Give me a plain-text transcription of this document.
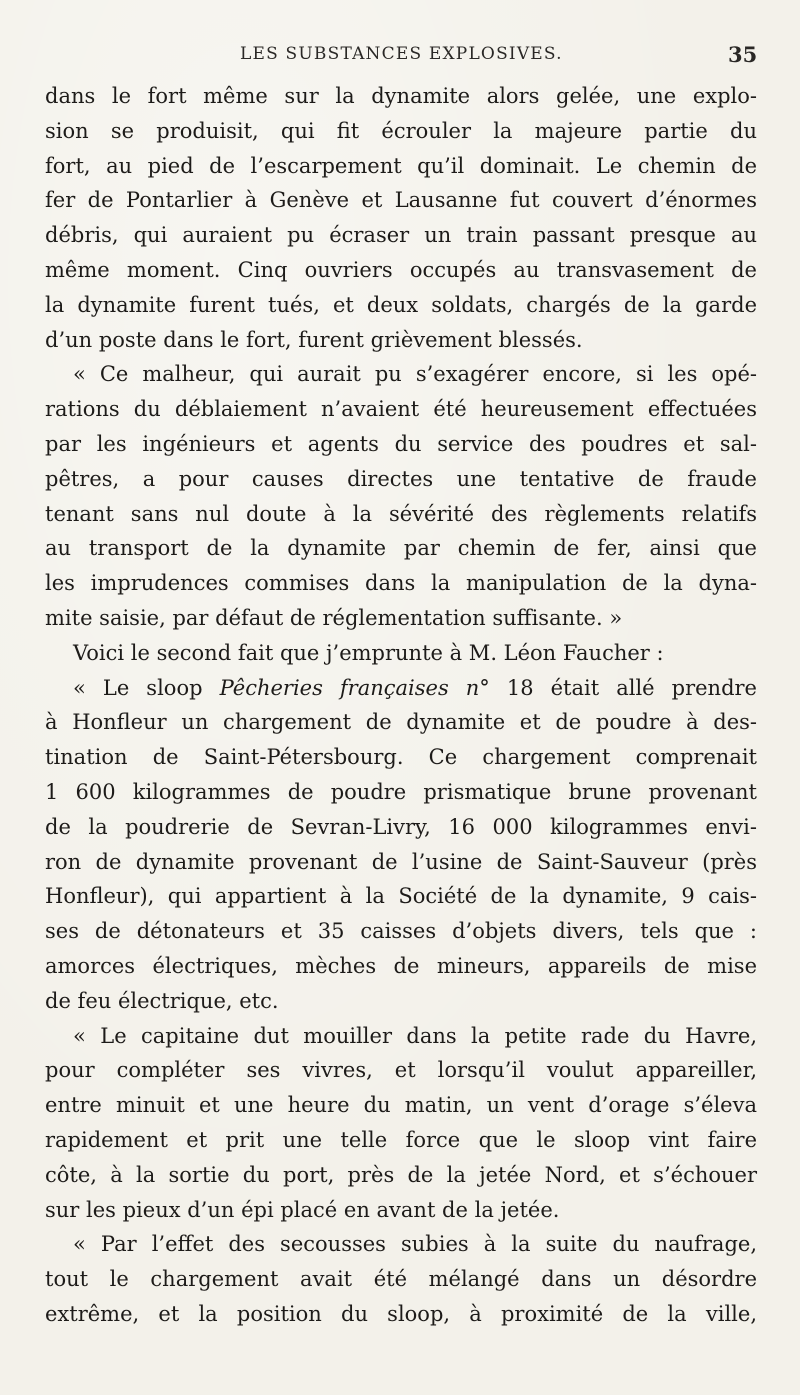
LES SUBSTANCES EXPLOSIVES.	35
dans le fort même sur la dynamite alors gelée, une explo-
sion se produisit, qui fit écrouler la majeure partie du
fort, au pied de l’escarpement qu’il dominait. Le chemin de
fer de Pontarlier à Genève et Lausanne fut couvert d’énormes
débris, qui auraient pu écraser un train passant presque au
même moment. Cinq ouvriers occupés au transvasement de
la dynamite furent tués, et deux soldats, chargés de la garde
d’un poste dans le fort, furent grièvement blessés.
« Ce malheur, qui aurait pu s’exagérer encore, si les opé-
rations du déblaiement n’avaient été heureusement effectuées
par les ingénieurs et agents du service des poudres et sal-
pêtres, a pour causes directes une tentative de fraude
tenant sans nul doute à la sévérité des règlements relatifs
au transport de la dynamite par chemin de fer, ainsi que
les imprudences commises dans la manipulation de la dyna-
mite saisie, par défaut de réglementation suffisante. »
Voici le second fait que j’emprunte à M. Léon Faucher :
« Le sloop Pêcheries françaises n° 18 était allé prendre
à Honfleur un chargement de dynamite et de poudre à des-
tination de Saint-Pétersbourg. Ce chargement comprenait
1 600 kilogrammes de poudre prismatique brune provenant
de la poudrerie de Sevran-Livry, 16 000 kilogrammes envi-
ron de dynamite provenant de l’usine de Saint-Sauveur (près
Honfleur), qui appartient à la Société de la dynamite, 9 cais-
ses de détonateurs et 35 caisses d’objets divers, tels que :
amorces électriques, mèches de mineurs, appareils de mise
de feu électrique, etc.
« Le capitaine dut mouiller dans la petite rade du Havre,
pour compléter ses vivres, et lorsqu’il voulut appareiller,
entre minuit et une heure du matin, un vent d’orage s’éleva
rapidement et prit une telle force que le sloop vint faire
côte, à la sortie du port, près de la jetée Nord, et s’échouer
sur les pieux d’un épi placé en avant de la jetée.
« Par l’effet des secousses subies à la suite du naufrage,
tout le chargement avait été mélangé dans un désordre
extrême, et la position du sloop, à proximité de la ville,
